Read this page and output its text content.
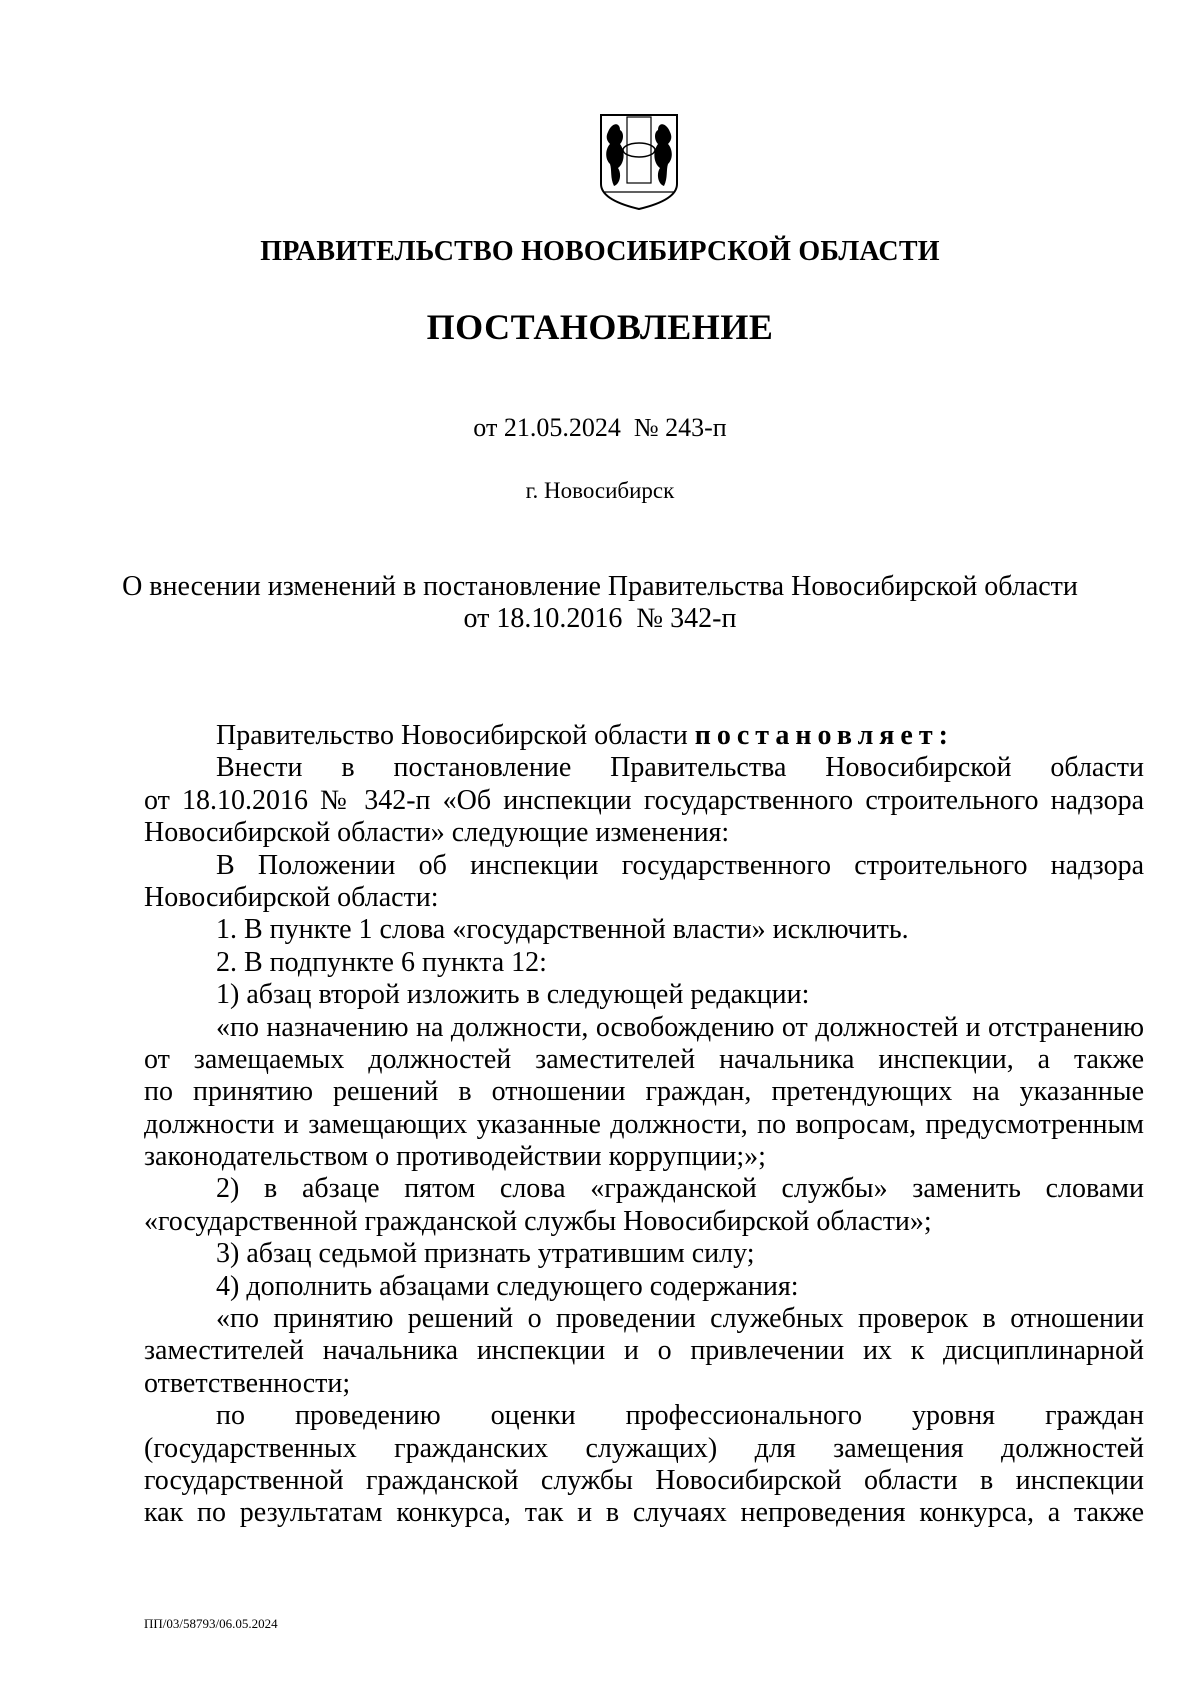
ПРАВИТЕЛЬСТВО НОВОСИБИРСКОЙ ОБЛАСТИ
ПОСТАНОВЛЕНИЕ
от 21.05.2024  № 243-п
г. Новосибирск
О внесении изменений в постановление Правительства Новосибирской области
от 18.10.2016  № 342-п
Правительство Новосибирской области постановляет:
Внести в постановление Правительства Новосибирской области
от 18.10.2016 № 342-п «Об инспекции государственного строительного надзора
Новосибирской области» следующие изменения:
В Положении об инспекции государственного строительного надзора
Новосибирской области:
1. В пункте 1 слова «государственной власти» исключить.
2. В подпункте 6 пункта 12:
1) абзац второй изложить в следующей редакции:
«по назначению на должности, освобождению от должностей и отстранению
от замещаемых должностей заместителей начальника инспекции, а также
по принятию решений в отношении граждан, претендующих на указанные
должности и замещающих указанные должности, по вопросам, предусмотренным
законодательством о противодействии коррупции;»;
2) в абзаце пятом слова «гражданской службы» заменить словами
«государственной гражданской службы Новосибирской области»;
3) абзац седьмой признать утратившим силу;
4) дополнить абзацами следующего содержания:
«по принятию решений о проведении служебных проверок в отношении
заместителей начальника инспекции и о привлечении их к дисциплинарной
ответственности;
по проведению оценки профессионального уровня граждан
(государственных гражданских служащих) для замещения должностей
государственной гражданской службы Новосибирской области в инспекции
как по результатам конкурса, так и в случаях непроведения конкурса, а также
ПП/03/58793/06.05.2024
